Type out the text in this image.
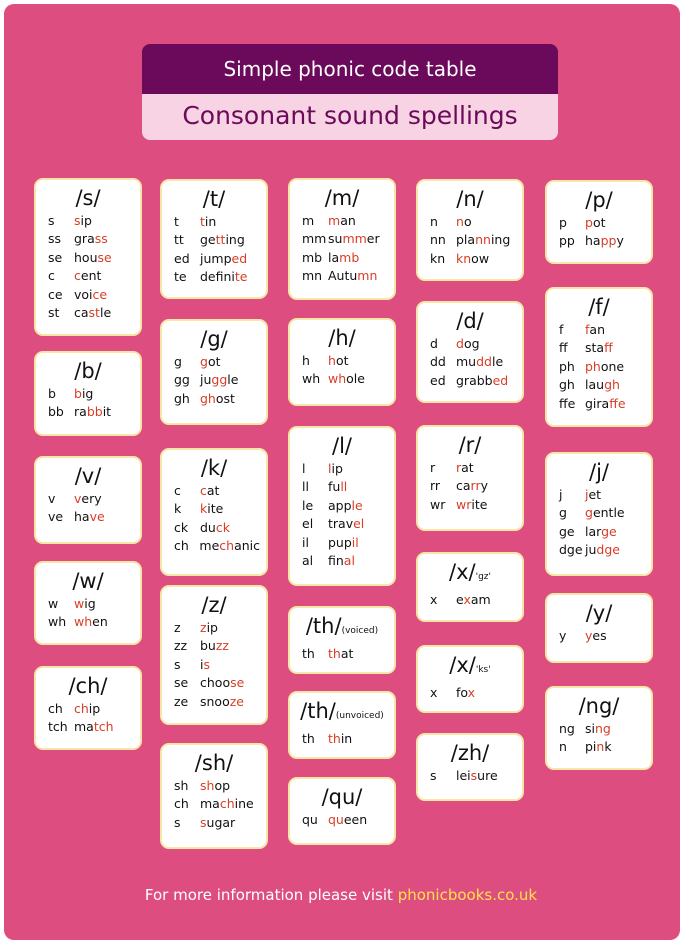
Simple phonic code table
Consonant sound spellings
/s/
s	sip
ss	grass
se house
c	cent
ce voice
st	castle
/b/
b	big
bb rabbit
/v/
v	very
ve have
/w/
w	wig
wh when
/ch/
ch chip
tch match
/t/
t	tin
tt	getting
ed jumped
te	definite
/g/
g	got
gg juggle
gh ghost
/k/
c	cat
k	kite
ck duck
ch mechanic
/z/
z	zip
zz	buzz
s	is
se choose
ze snooze
/sh/
sh shop
ch machine
s	sugar
/m/
m	man
mm summer
mb lamb
mn Autumn
/h/
h	hot
wh whole
/l/
l	lip
ll	full
le	apple
el	travel
il	pupil
al	final
/th/(voiced)
th	that
/th/(unvoiced)
th	thin
/qu/
qu queen
/n/
n	no
nn planning
kn know
/d/
d	dog
dd muddle
ed grabbed
/r/
r	rat
rr	carry
wr write
/x/'gz'
x	exam
/x/'ks'
x	fox
/zh/
s	leisure
/p/
p	pot
pp happy
/f/
f	fan
ff	staff
ph phone
gh laugh
ffe giraffe
/j/
j	jet
g	gentle
ge large
dge judge
/y/
y	yes
/ng/
ng sing
n	pink
For more information please visit phonicbooks.co.uk
